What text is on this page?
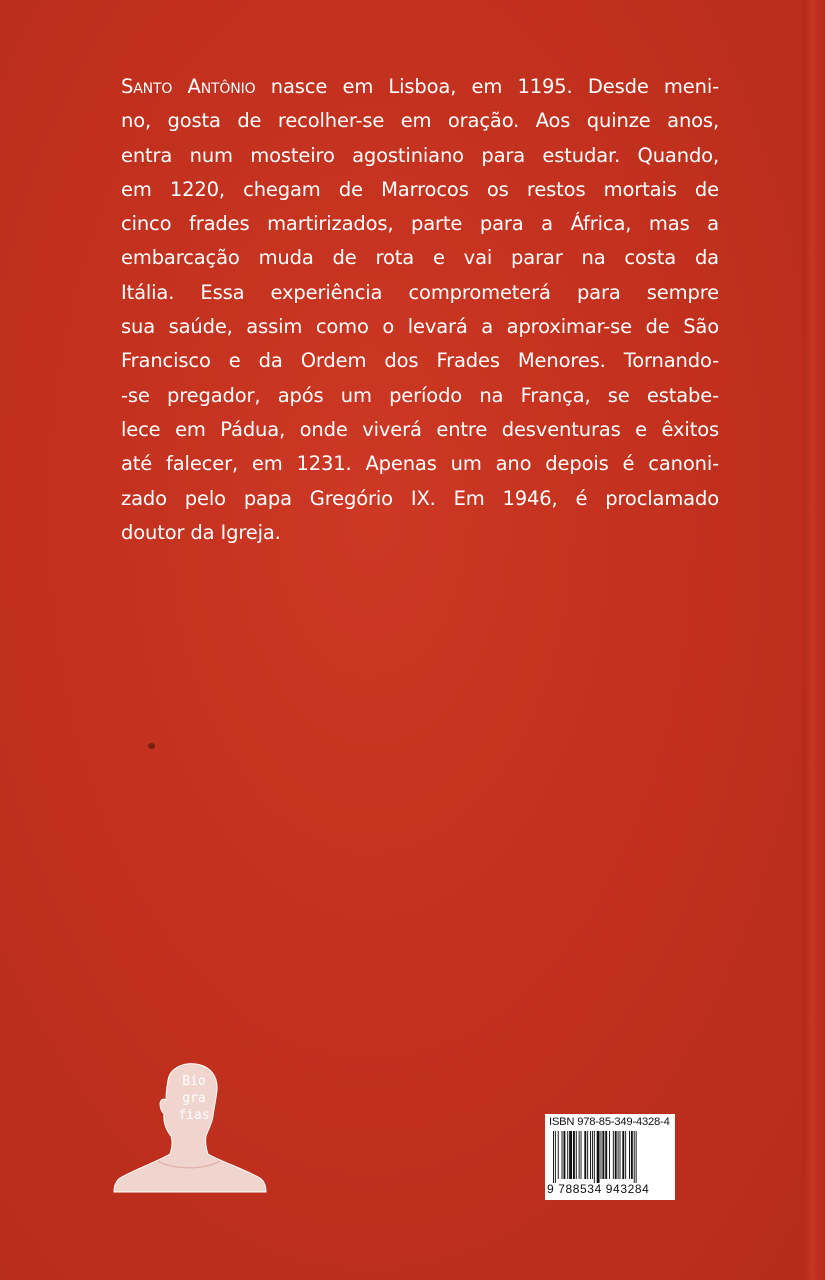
Santo Antônio nasce em Lisboa, em 1195. Desde meni-
no, gosta de recolher-se em oração. Aos quinze anos,
entra num mosteiro agostiniano para estudar. Quando,
em 1220, chegam de Marrocos os restos mortais de
cinco frades martirizados, parte para a África, mas a
embarcação muda de rota e vai parar na costa da
Itália. Essa experiência comprometerá para sempre
sua saúde, assim como o levará a aproximar-se de São
Francisco e da Ordem dos Frades Menores. Tornando-
-se pregador, após um período na França, se estabe-
lece em Pádua, onde viverá entre desventuras e êxitos
até falecer, em 1231. Apenas um ano depois é canoni-
zado pelo papa Gregório IX. Em 1946, é proclamado
doutor da Igreja.

Bio
gra
fias	ISBN 978-85-349-4328-4
9 788534 943284
